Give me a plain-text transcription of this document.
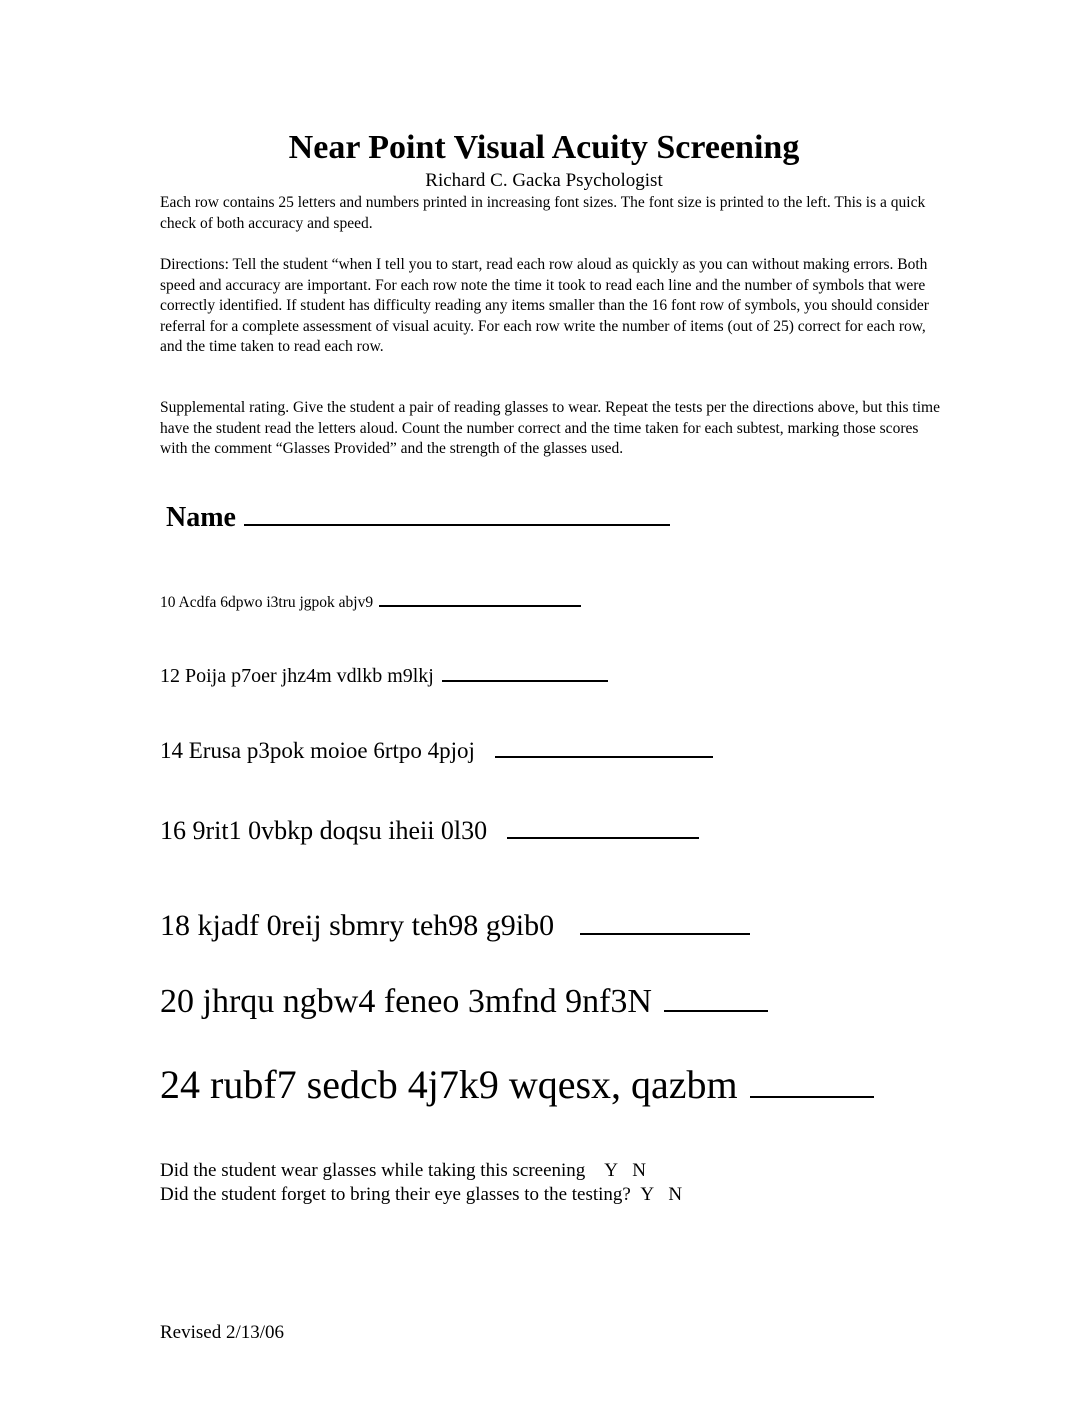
Near Point Visual Acuity Screening
Richard C. Gacka Psychologist

Each row contains 25 letters and numbers printed in increasing font sizes. The font size is printed to the left. This is a quick check of both accuracy and speed.

Directions: Tell the student “when I tell you to start, read each row aloud as quickly as you can without making errors. Both speed and accuracy are important. For each row note the time it took to read each line and the number of symbols that were correctly identified. If student has difficulty reading any items smaller than the 16 font row of symbols, you should consider referral for a complete assessment of visual acuity. For each row write the number of items (out of 25) correct for each row, and the time taken to read each row.

Supplemental rating. Give the student a pair of reading glasses to wear. Repeat the tests per the directions above, but this time have the student read the letters aloud. Count the number correct and the time taken for each subtest, marking those scores with the comment “Glasses Provided” and the strength of the glasses used.

Name
10 Acdfa 6dpwo i3tru jgpok abjv9
12 Poija p7oer jhz4m vdlkb m9lkj
14 Erusa p3pok moioe 6rtpo 4pjoj
16 9rit1 0vbkp doqsu iheii 0l30
18 kjadf 0reij sbmry teh98 g9ib0
20 jhrqu ngbw4 feneo 3mfnd 9nf3N
24 rubf7 sedcb 4j7k9 wqesx, qazbm
Did the student wear glasses while taking this screening Y N
Did the student forget to bring their eye glasses to the testing? Y N
Revised 2/13/06
